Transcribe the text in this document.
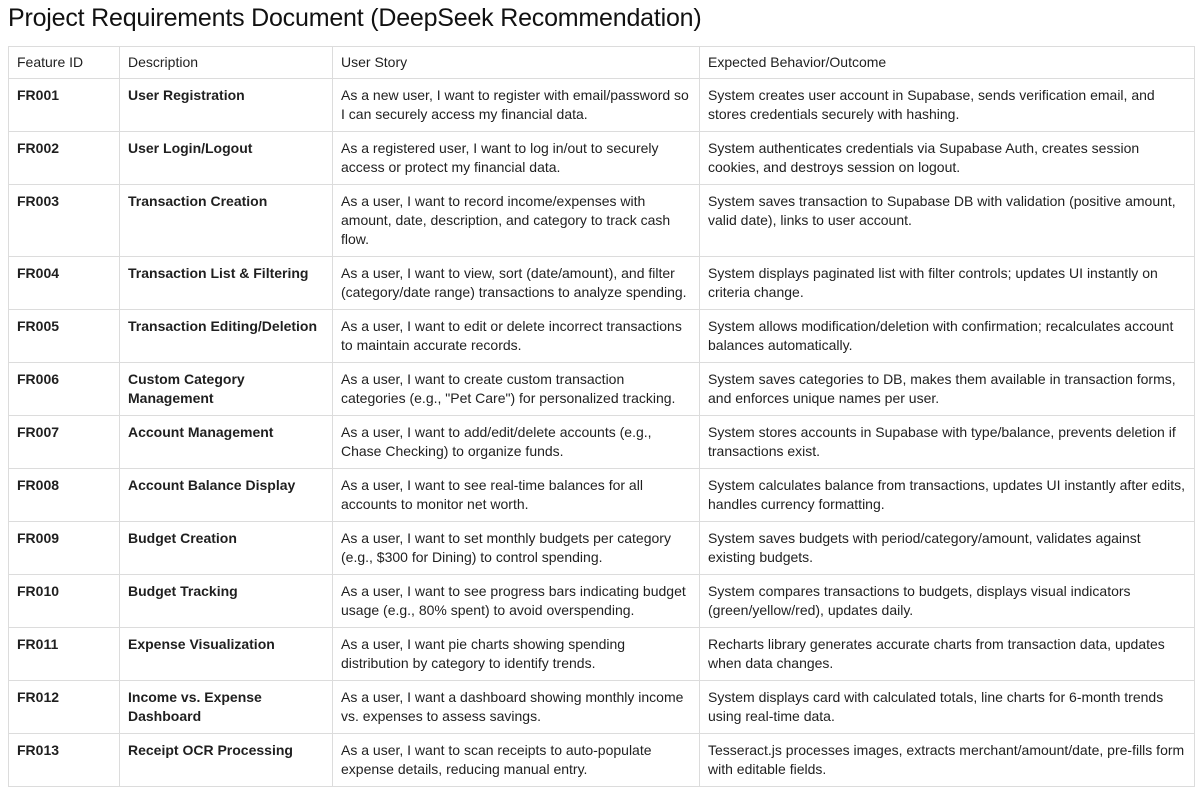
Project Requirements Document (DeepSeek Recommendation)
Feature ID	Description	User Story	Expected Behavior/Outcome
FR001	User Registration	As a new user, I want to register with email/password so I can securely access my financial data.	System creates user account in Supabase, sends verification email, and stores credentials securely with hashing.
FR002	User Login/Logout	As a registered user, I want to log in/out to securely access or protect my financial data.	System authenticates credentials via Supabase Auth, creates session cookies, and destroys session on logout.
FR003	Transaction Creation	As a user, I want to record income/expenses with amount, date, description, and category to track cash flow.	System saves transaction to Supabase DB with validation (positive amount, valid date), links to user account.
FR004	Transaction List & Filtering	As a user, I want to view, sort (date/amount), and filter (category/date range) transactions to analyze spending.	System displays paginated list with filter controls; updates UI instantly on criteria change.
FR005	Transaction Editing/Deletion	As a user, I want to edit or delete incorrect transactions to maintain accurate records.	System allows modification/deletion with confirmation; recalculates account balances automatically.
FR006	Custom Category Management	As a user, I want to create custom transaction categories (e.g., "Pet Care") for personalized tracking.	System saves categories to DB, makes them available in transaction forms, and enforces unique names per user.
FR007	Account Management	As a user, I want to add/edit/delete accounts (e.g., Chase Checking) to organize funds.	System stores accounts in Supabase with type/balance, prevents deletion if transactions exist.
FR008	Account Balance Display	As a user, I want to see real-time balances for all accounts to monitor net worth.	System calculates balance from transactions, updates UI instantly after edits, handles currency formatting.
FR009	Budget Creation	As a user, I want to set monthly budgets per category (e.g., $300 for Dining) to control spending.	System saves budgets with period/category/amount, validates against existing budgets.
FR010	Budget Tracking	As a user, I want to see progress bars indicating budget usage (e.g., 80% spent) to avoid overspending.	System compares transactions to budgets, displays visual indicators (green/yellow/red), updates daily.
FR011	Expense Visualization	As a user, I want pie charts showing spending distribution by category to identify trends.	Recharts library generates accurate charts from transaction data, updates when data changes.
FR012	Income vs. Expense Dashboard	As a user, I want a dashboard showing monthly income vs. expenses to assess savings.	System displays card with calculated totals, line charts for 6-month trends using real-time data.
FR013	Receipt OCR Processing	As a user, I want to scan receipts to auto-populate expense details, reducing manual entry.	Tesseract.js processes images, extracts merchant/amount/date, pre-fills form with editable fields.
